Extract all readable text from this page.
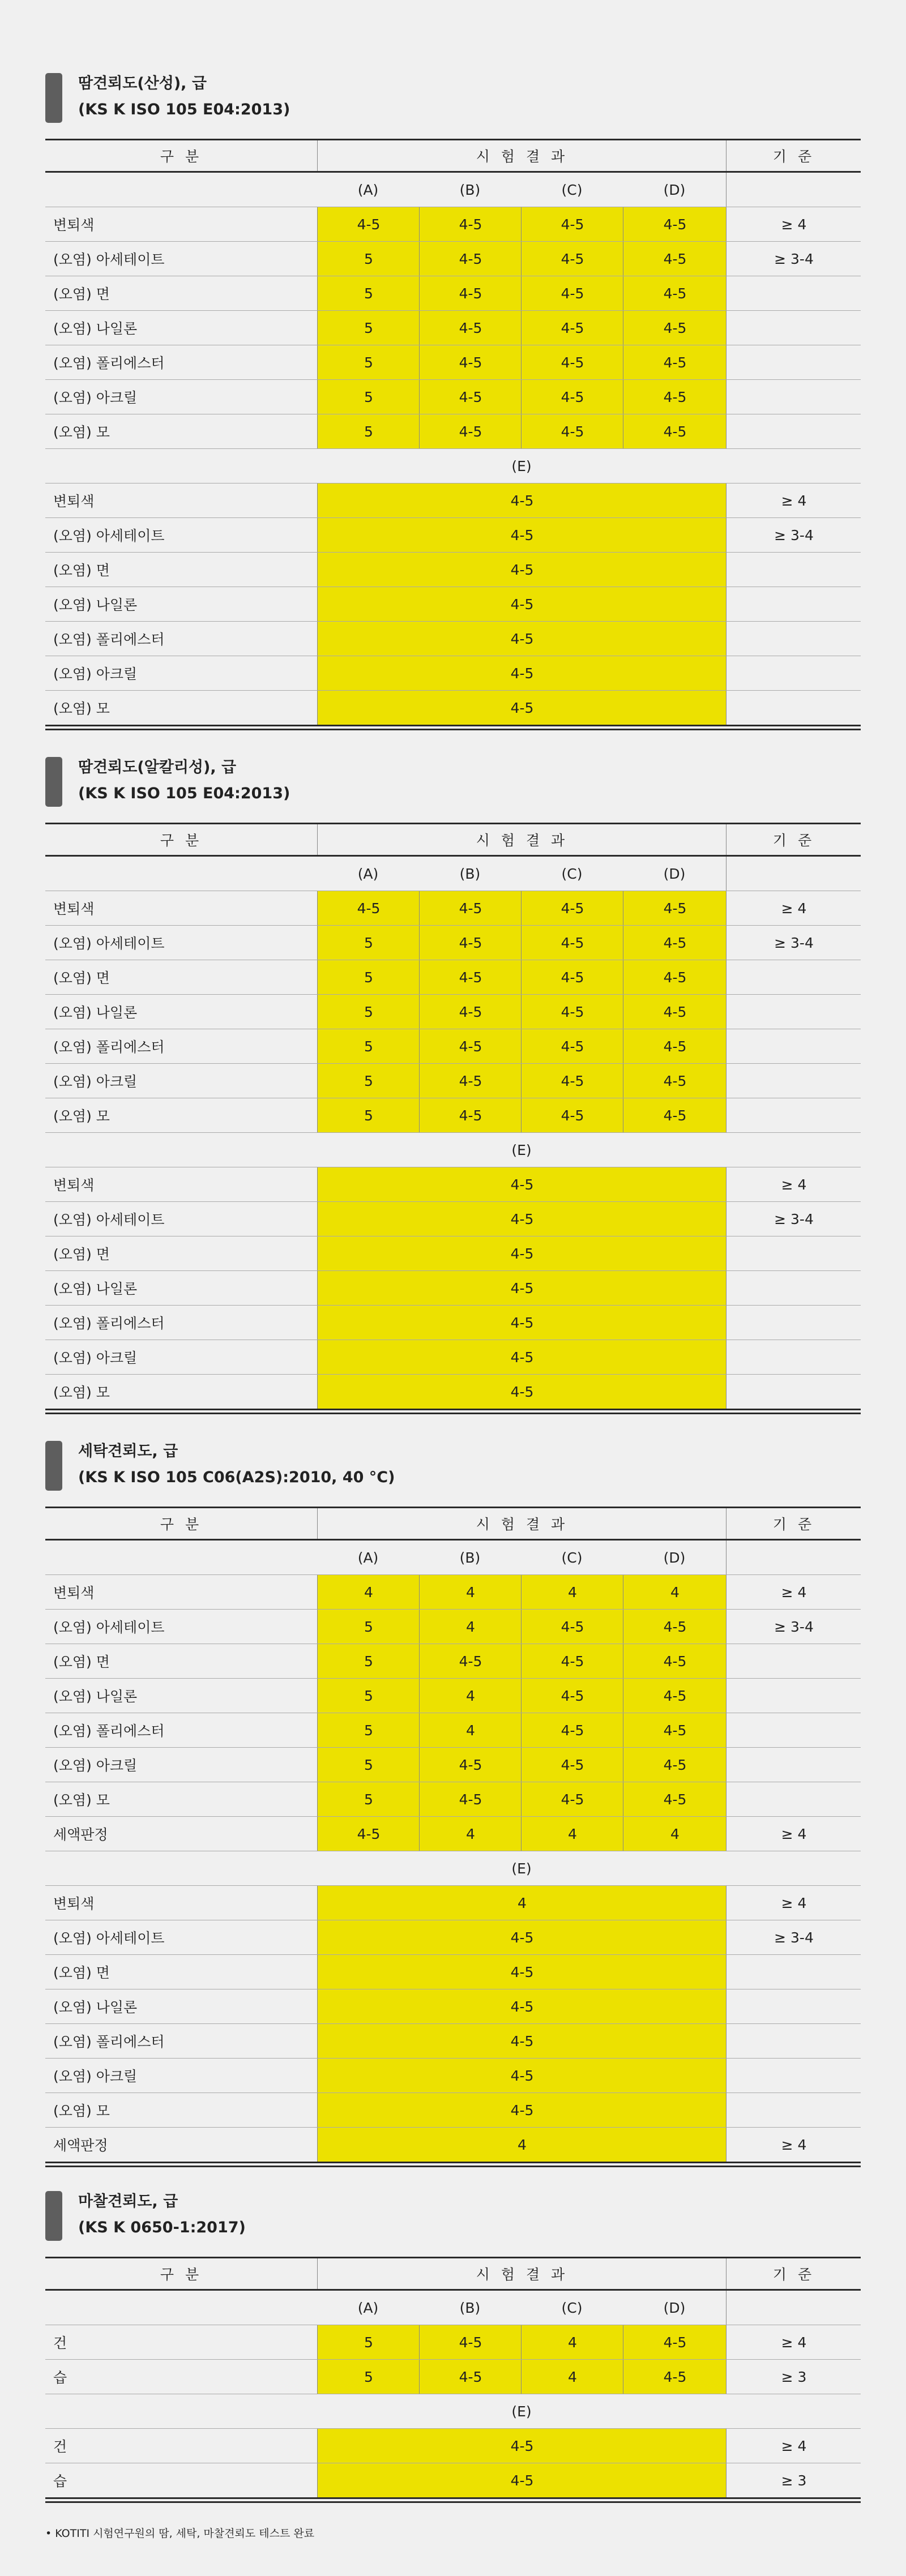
땀견뢰도(산성), 급
(KS K ISO 105 E04:2013)
구 분	시 험 결 과	기 준
(A)	(B)	(C)	(D)
변퇴색	4-5	4-5	4-5	4-5	≥ 4
(오염) 아세테이트	5	4-5	4-5	4-5	≥ 3-4
(오염) 면	5	4-5	4-5	4-5
(오염) 나일론	5	4-5	4-5	4-5
(오염) 폴리에스터	5	4-5	4-5	4-5
(오염) 아크릴	5	4-5	4-5	4-5
(오염) 모	5	4-5	4-5	4-5
(E)
변퇴색	4-5	≥ 4
(오염) 아세테이트	4-5	≥ 3-4
(오염) 면	4-5
(오염) 나일론	4-5
(오염) 폴리에스터	4-5
(오염) 아크릴	4-5
(오염) 모	4-5
땀견뢰도(알칼리성), 급
(KS K ISO 105 E04:2013)
구 분	시 험 결 과	기 준
(A)	(B)	(C)	(D)
변퇴색	4-5	4-5	4-5	4-5	≥ 4
(오염) 아세테이트	5	4-5	4-5	4-5	≥ 3-4
(오염) 면	5	4-5	4-5	4-5
(오염) 나일론	5	4-5	4-5	4-5
(오염) 폴리에스터	5	4-5	4-5	4-5
(오염) 아크릴	5	4-5	4-5	4-5
(오염) 모	5	4-5	4-5	4-5
(E)
변퇴색	4-5	≥ 4
(오염) 아세테이트	4-5	≥ 3-4
(오염) 면	4-5
(오염) 나일론	4-5
(오염) 폴리에스터	4-5
(오염) 아크릴	4-5
(오염) 모	4-5
세탁견뢰도, 급
(KS K ISO 105 C06(A2S):2010, 40 °C)
구 분	시 험 결 과	기 준
(A)	(B)	(C)	(D)
변퇴색	4	4	4	4	≥ 4
(오염) 아세테이트	5	4	4-5	4-5	≥ 3-4
(오염) 면	5	4-5	4-5	4-5
(오염) 나일론	5	4	4-5	4-5
(오염) 폴리에스터	5	4	4-5	4-5
(오염) 아크릴	5	4-5	4-5	4-5
(오염) 모	5	4-5	4-5	4-5
세액판정	4-5	4	4	4	≥ 4
(E)
변퇴색	4	≥ 4
(오염) 아세테이트	4-5	≥ 3-4
(오염) 면	4-5
(오염) 나일론	4-5
(오염) 폴리에스터	4-5
(오염) 아크릴	4-5
(오염) 모	4-5
세액판정	4	≥ 4
마찰견뢰도, 급
(KS K 0650-1:2017)
구 분	시 험 결 과	기 준
(A)	(B)	(C)	(D)
건	5	4-5	4	4-5	≥ 4
습	5	4-5	4	4-5	≥ 3
(E)
건	4-5	≥ 4
습	4-5	≥ 3
• KOTITI 시험연구원의 땀, 세탁, 마찰견뢰도 테스트 완료
